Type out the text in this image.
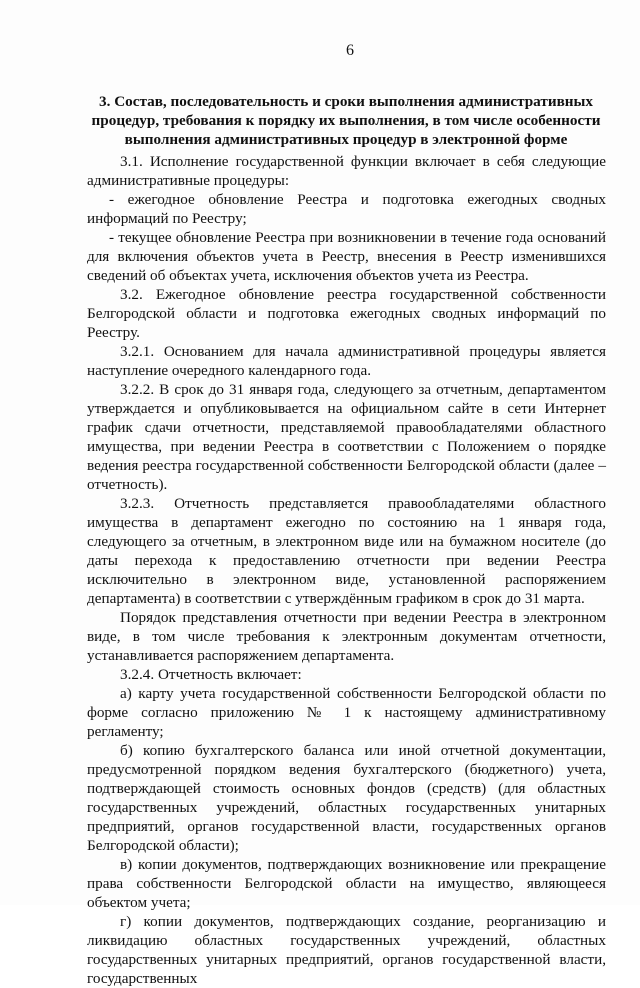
6
3. Состав, последовательность и сроки выполнения административных процедур, требования к порядку их выполнения, в том числе особенности выполнения административных процедур в электронной форме

3.1. Исполнение государственной функции включает в себя следующие административные процедуры:

- ежегодное обновление Реестра и подготовка ежегодных сводных информаций по Реестру;

- текущее обновление Реестра при возникновении в течение года оснований для включения объектов учета в Реестр, внесения в Реестр изменившихся сведений об объектах учета, исключения объектов учета из Реестра.

3.2. Ежегодное обновление реестра государственной собственности Белгородской области и подготовка ежегодных сводных информаций по Реестру.

3.2.1. Основанием для начала административной процедуры является наступление очередного календарного года.

3.2.2. В срок до 31 января года, следующего за отчетным, департаментом утверждается и опубликовывается на официальном сайте в сети Интернет график сдачи отчетности, представляемой правообладателями областного имущества, при ведении Реестра в соответствии с Положением о порядке ведения реестра государственной собственности Белгородской области (далее – отчетность).

3.2.3. Отчетность представляется правообладателями областного имущества в департамент ежегодно по состоянию на 1 января года, следующего за отчетным, в электронном виде или на бумажном носителе (до даты перехода к предоставлению отчетности при ведении Реестра исключительно в электронном виде, установленной распоряжением департамента) в соответствии с утверждённым графиком в срок до 31 марта.

Порядок представления отчетности при ведении Реестра в электронном виде, в том числе требования к электронным документам отчетности, устанавливается распоряжением департамента.

3.2.4. Отчетность включает:

а) карту учета государственной собственности Белгородской области по форме согласно приложению № 1 к настоящему административному регламенту;

б) копию бухгалтерского баланса или иной отчетной документации, предусмотренной порядком ведения бухгалтерского (бюджетного) учета, подтверждающей стоимость основных фондов (средств) (для областных государственных учреждений, областных государственных унитарных предприятий, органов государственной власти, государственных органов Белгородской области);

в) копии документов, подтверждающих возникновение или прекращение права собственности Белгородской области на имущество, являющееся объектом учета;

г) копии документов, подтверждающих создание, реорганизацию и ликвидацию областных государственных учреждений, областных государственных унитарных предприятий, органов государственной власти, государственных
